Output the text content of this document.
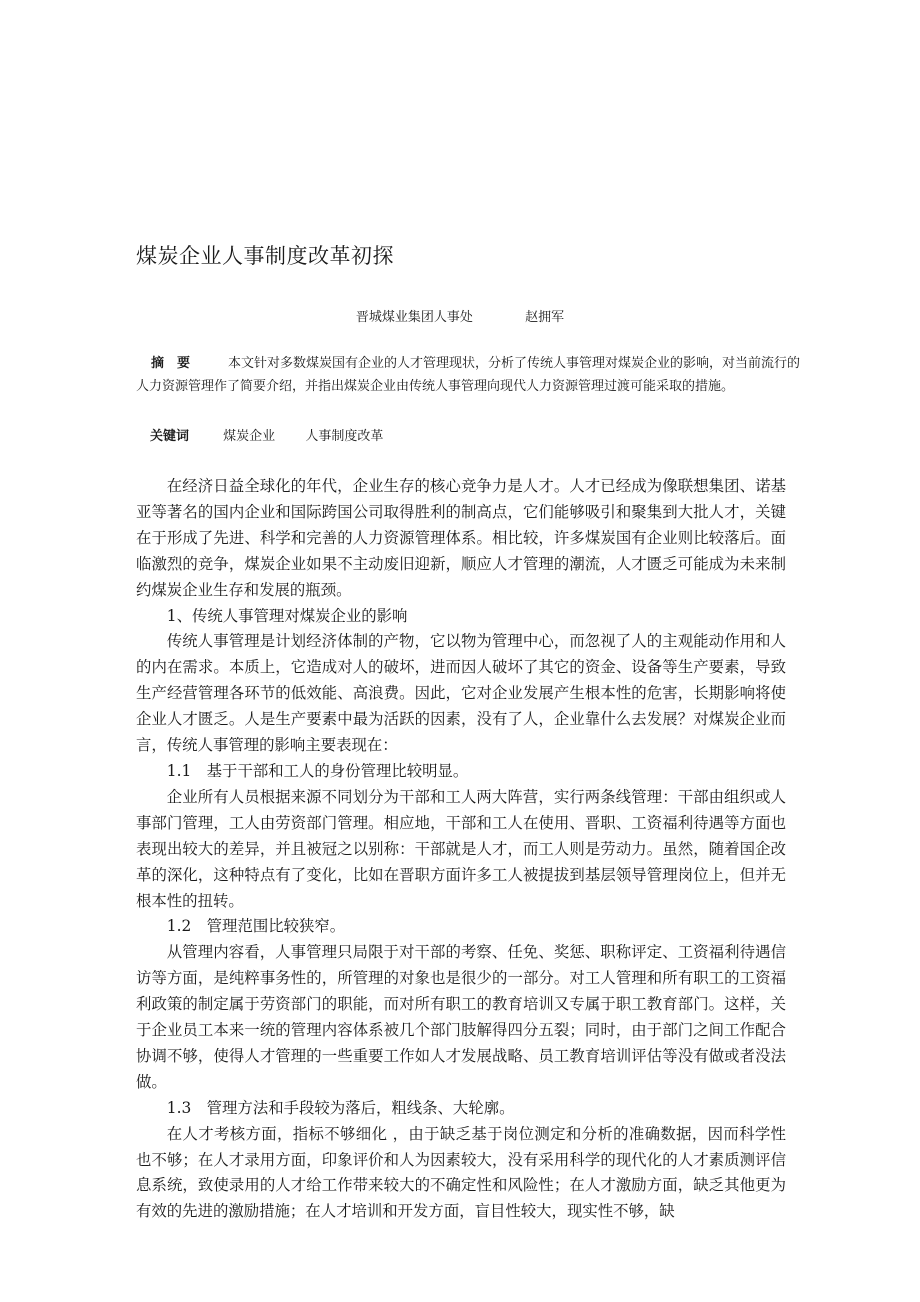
煤炭企业人事制度改革初探
晋城煤业集团人事处	赵拥军

摘　要	本文针对多数煤炭国有企业的人才管理现状，分析了传统人事管理对煤炭企业的影响，对当前流行的人力资源管理作了简要介绍，并指出煤炭企业由传统人事管理向现代人力资源管理过渡可能采取的措施。

关键词	煤炭企业 人事制度改革

在经济日益全球化的年代，企业生存的核心竞争力是人才。人才已经成为像联想集团、诺基亚等著名的国内企业和国际跨国公司取得胜利的制高点，它们能够吸引和聚集到大批人才，关键在于形成了先进、科学和完善的人力资源管理体系。相比较，许多煤炭国有企业则比较落后。面临激烈的竞争，煤炭企业如果不主动废旧迎新，顺应人才管理的潮流，人才匮乏可能成为未来制约煤炭企业生存和发展的瓶颈。

1、传统人事管理对煤炭企业的影响

传统人事管理是计划经济体制的产物，它以物为管理中心，而忽视了人的主观能动作用和人的内在需求。本质上，它造成对人的破坏，进而因人破坏了其它的资金、设备等生产要素，导致生产经营管理各环节的低效能、高浪费。因此，它对企业发展产生根本性的危害，长期影响将使企业人才匮乏。人是生产要素中最为活跃的因素，没有了人，企业靠什么去发展？对煤炭企业而言，传统人事管理的影响主要表现在：

1.1　基于干部和工人的身份管理比较明显。

企业所有人员根据来源不同划分为干部和工人两大阵营，实行两条线管理：干部由组织或人事部门管理，工人由劳资部门管理。相应地，干部和工人在使用、晋职、工资福利待遇等方面也表现出较大的差异，并且被冠之以别称：干部就是人才，而工人则是劳动力。虽然，随着国企改革的深化，这种特点有了变化，比如在晋职方面许多工人被提拔到基层领导管理岗位上，但并无根本性的扭转。

1.2　管理范围比较狭窄。

从管理内容看，人事管理只局限于对干部的考察、任免、奖惩、职称评定、工资福利待遇信访等方面，是纯粹事务性的，所管理的对象也是很少的一部分。对工人管理和所有职工的工资福利政策的制定属于劳资部门的职能，而对所有职工的教育培训又专属于职工教育部门。这样，关于企业员工本来一统的管理内容体系被几个部门肢解得四分五裂；同时，由于部门之间工作配合协调不够，使得人才管理的一些重要工作如人才发展战略、员工教育培训评估等没有做或者没法做。

1.3　管理方法和手段较为落后，粗线条、大轮廓。

在人才考核方面，指标不够细化 ，由于缺乏基于岗位测定和分析的准确数据，因而科学性也不够；在人才录用方面，印象评价和人为因素较大，没有采用科学的现代化的人才素质测评信息系统，致使录用的人才给工作带来较大的不确定性和风险性；在人才激励方面，缺乏其他更为有效的先进的激励措施；在人才培训和开发方面，盲目性较大，现实性不够，缺
